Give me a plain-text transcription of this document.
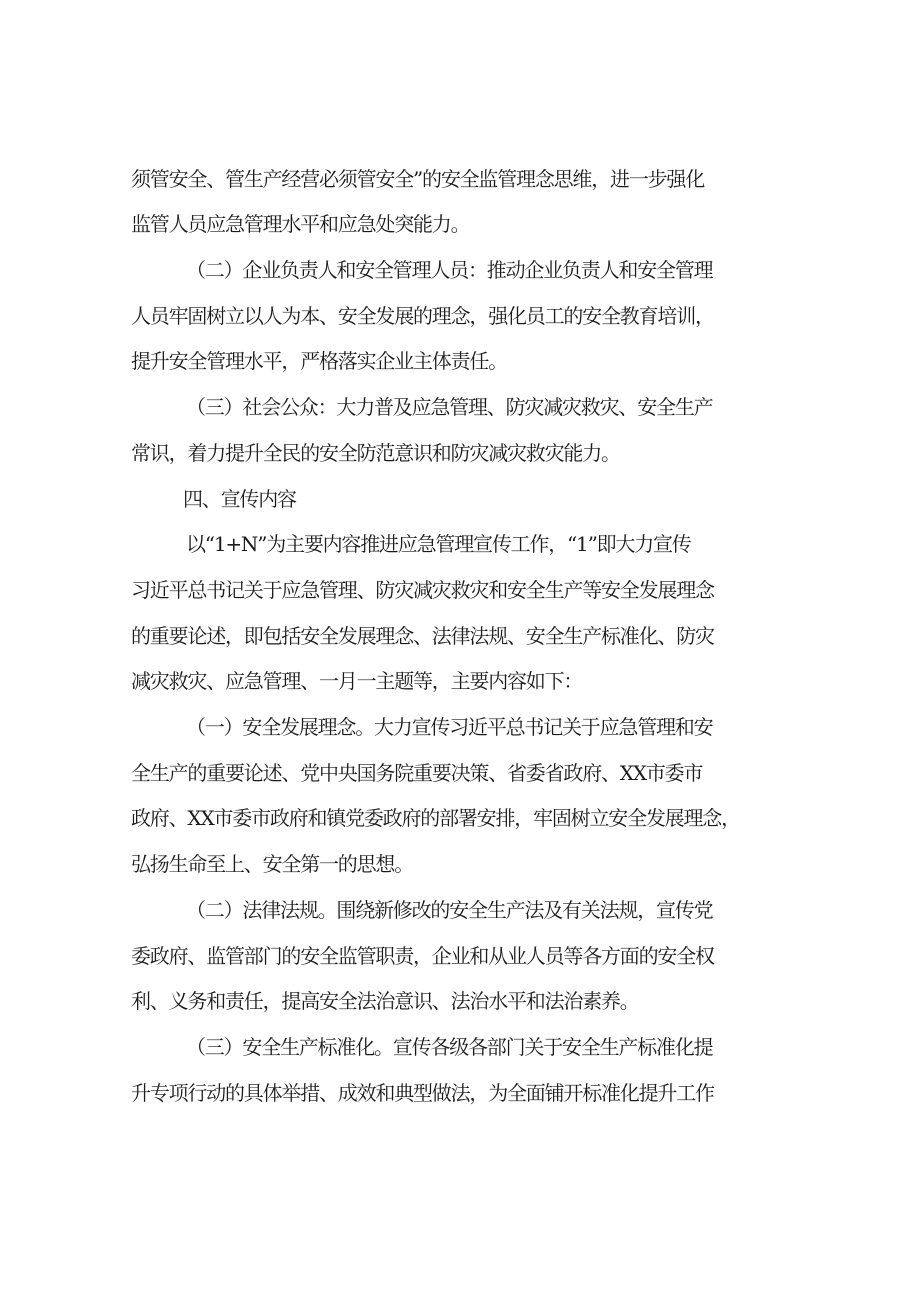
须管安全、管生产经营必须管安全”的安全监管理念思维，进一步强化
监管人员应急管理水平和应急处突能力。
（二）企业负责人和安全管理人员：推动企业负责人和安全管理
人员牢固树立以人为本、安全发展的理念，强化员工的安全教育培训，
提升安全管理水平，严格落实企业主体责任。
（三）社会公众：大力普及应急管理、防灾减灾救灾、安全生产
常识，着力提升全民的安全防范意识和防灾减灾救灾能力。
四、宣传内容
以“1+N”为主要内容推进应急管理宣传工作，“1”即大力宣传
习近平总书记关于应急管理、防灾减灾救灾和安全生产等安全发展理念
的重要论述，即包括安全发展理念、法律法规、安全生产标准化、防灾
减灾救灾、应急管理、一月一主题等，主要内容如下：
（一）安全发展理念。大力宣传习近平总书记关于应急管理和安
全生产的重要论述、党中央国务院重要决策、省委省政府、XX市委市
政府、XX市委市政府和镇党委政府的部署安排，牢固树立安全发展理念，
弘扬生命至上、安全第一的思想。
（二）法律法规。围绕新修改的安全生产法及有关法规，宣传党
委政府、监管部门的安全监管职责，企业和从业人员等各方面的安全权
利、义务和责任，提高安全法治意识、法治水平和法治素养。
（三）安全生产标准化。宣传各级各部门关于安全生产标准化提
升专项行动的具体举措、成效和典型做法，为全面铺开标准化提升工作
